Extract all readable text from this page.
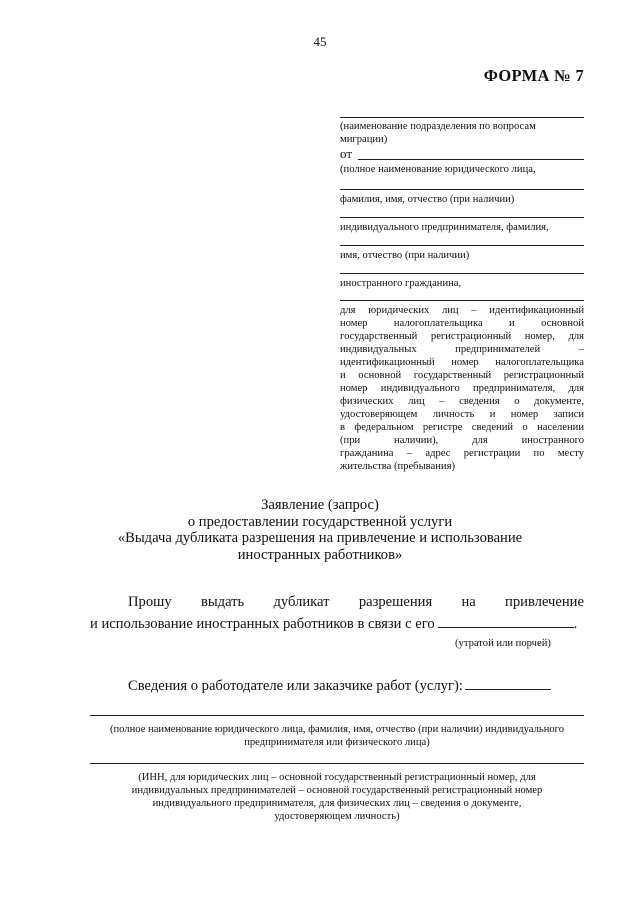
45
ФОРМА № 7
(наименование подразделения по вопросам
миграции)
от
(полное наименование юридического лица,
фамилия, имя, отчество (при наличии)
индивидуального предпринимателя, фамилия,
имя, отчество (при наличии)
иностранного гражданина,
для юридических лиц – идентификационный
номер налогоплательщика и основной
государственный регистрационный номер, для
индивидуальных предпринимателей –
идентификационный номер налогоплательщика
и основной государственный регистрационный
номер индивидуального предпринимателя, для
физических лиц – сведения о документе,
удостоверяющем личность и номер записи
в федеральном регистре сведений о населении
(при наличии), для иностранного
гражданина – адрес регистрации по месту
жительства (пребывания)
Заявление (запрос)
о предоставлении государственной услуги
«Выдача дубликата разрешения на привлечение и использование
иностранных работников»
Прошу выдать дубликат разрешения на привлечение
и использование иностранных работников в связи с его	.
(утратой или порчей)
Сведения о работодателе или заказчике работ (услуг):
(полное наименование юридического лица, фамилия, имя, отчество (при наличии) индивидуального
предпринимателя или физического лица)
(ИНН, для юридических лиц – основной государственный регистрационный номер, для
индивидуальных предпринимателей – основной государственный регистрационный номер
индивидуального предпринимателя, для физических лиц – сведения о документе,
удостоверяющем личность)
